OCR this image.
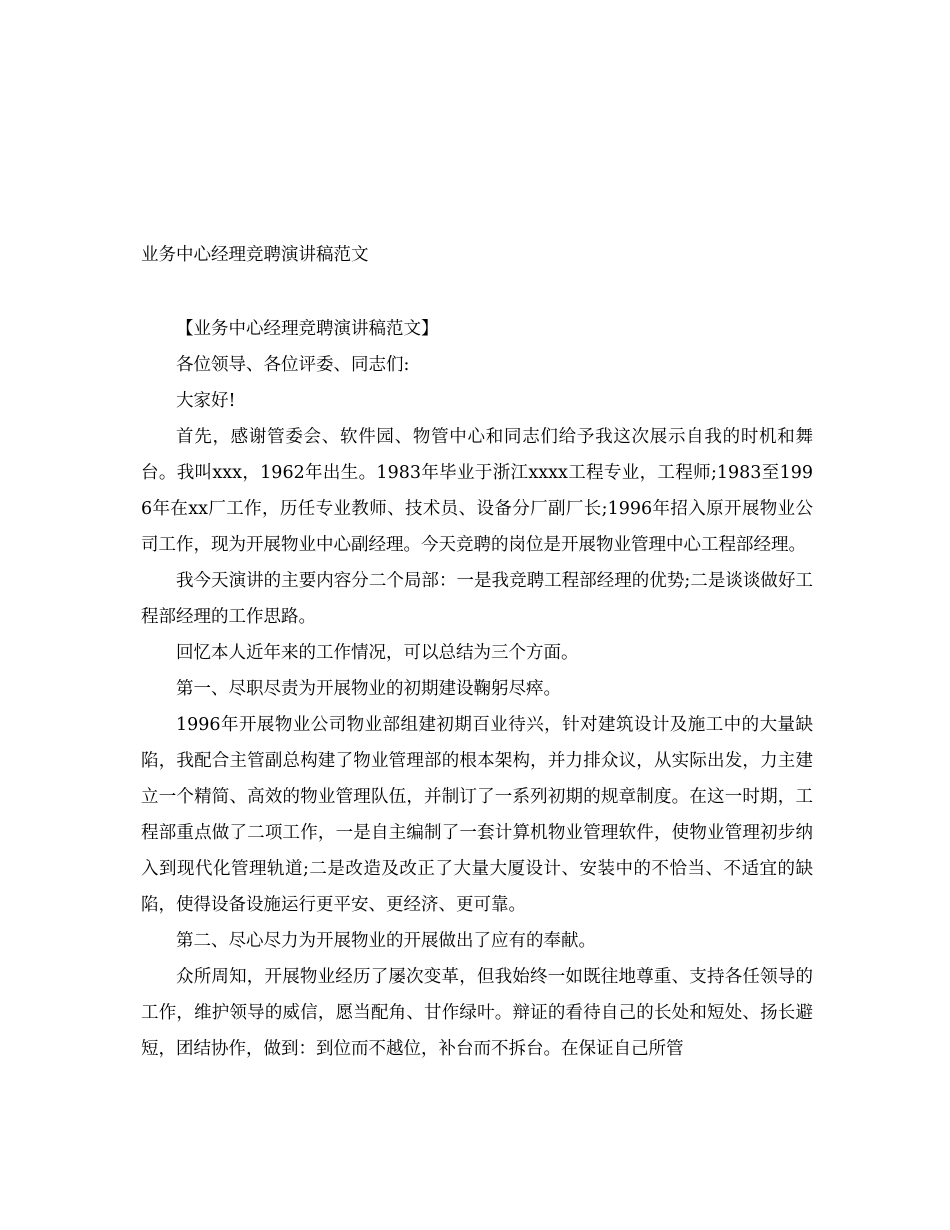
业务中心经理竞聘演讲稿范文

【业务中心经理竞聘演讲稿范文】

各位领导、各位评委、同志们:

大家好!

首先，感谢管委会、软件园、物管中心和同志们给予我这次展示自我的时机和舞台。我叫xxx，1962年出生。1983年毕业于浙江xxxx工程专业，工程师;1983至1996年在xx厂工作，历任专业教师、技术员、设备分厂副厂长;1996年招入原开展物业公司工作，现为开展物业中心副经理。今天竞聘的岗位是开展物业管理中心工程部经理。

我今天演讲的主要内容分二个局部：一是我竞聘工程部经理的优势;二是谈谈做好工程部经理的工作思路。

回忆本人近年来的工作情况，可以总结为三个方面。

第一、尽职尽责为开展物业的初期建设鞠躬尽瘁。

1996年开展物业公司物业部组建初期百业待兴，针对建筑设计及施工中的大量缺陷，我配合主管副总构建了物业管理部的根本架构，并力排众议，从实际出发，力主建立一个精简、高效的物业管理队伍，并制订了一系列初期的规章制度。在这一时期，工程部重点做了二项工作，一是自主编制了一套计算机物业管理软件，使物业管理初步纳入到现代化管理轨道;二是改造及改正了大量大厦设计、安装中的不恰当、不适宜的缺陷，使得设备设施运行更平安、更经济、更可靠。

第二、尽心尽力为开展物业的开展做出了应有的奉献。

众所周知，开展物业经历了屡次变革，但我始终一如既往地尊重、支持各任领导的工作，维护领导的威信，愿当配角、甘作绿叶。辩证的看待自己的长处和短处、扬长避短，团结协作，做到：到位而不越位，补台而不拆台。在保证自己所管
